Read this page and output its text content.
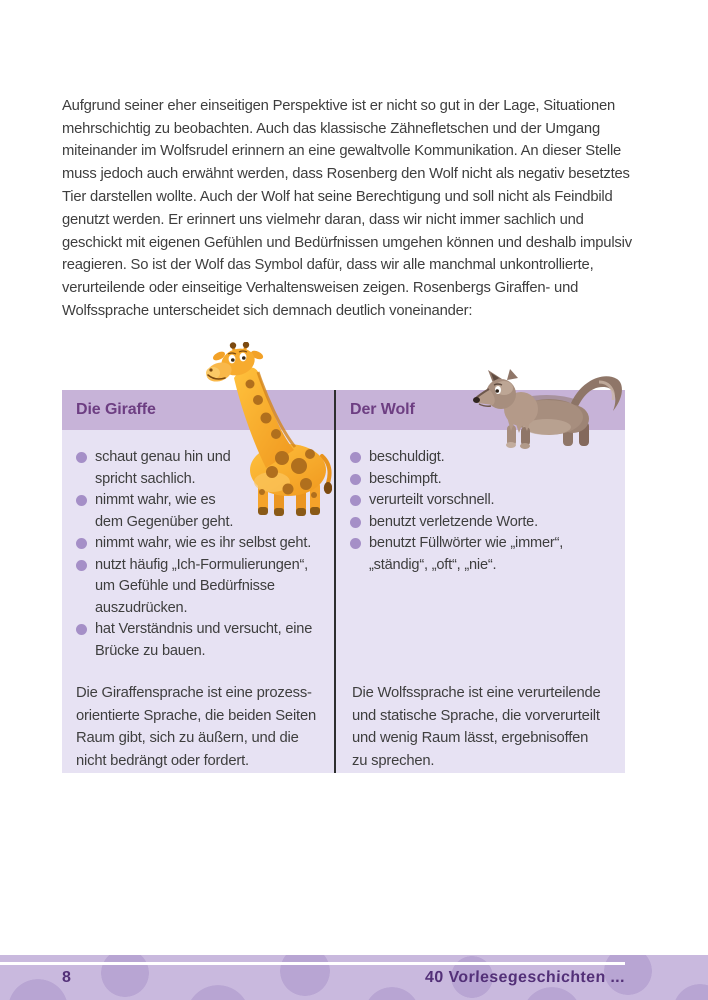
Aufgrund seiner eher einseitigen Perspektive ist er nicht so gut in der Lage, Situationen mehrschichtig zu beobachten. Auch das klassische Zähnefletschen und der Umgang miteinander im Wolfsrudel erinnern an eine gewaltvolle Kommunikation. An dieser Stelle muss jedoch auch erwähnt werden, dass Rosenberg den Wolf nicht als negativ besetztes Tier darstellen wollte. Auch der Wolf hat seine Berechtigung und soll nicht als Feindbild genutzt werden. Er erinnert uns vielmehr daran, dass wir nicht immer sachlich und geschickt mit eigenen Gefühlen und Bedürfnissen umgehen können und deshalb impulsiv reagieren. So ist der Wolf das Symbol dafür, dass wir alle manchmal unkontrollierte, verurteilende oder einseitige Verhaltensweisen zeigen. Rosenbergs Giraffen- und Wolfssprache unterscheidet sich demnach deutlich voneinander:

Die Giraffe	Der Wolf
schaut genau hin und spricht sachlich.
nimmt wahr, wie es dem Gegenüber geht.
nimmt wahr, wie es ihr selbst geht.
nutzt häufig „Ich-Formulierungen“, um Gefühle und Bedürfnisse auszudrücken.
hat Verständnis und versucht, eine Brücke zu bauen.
beschuldigt.
beschimpft.
verurteilt vorschnell.
benutzt verletzende Worte.
benutzt Füllwörter wie „immer“, „ständig“, „oft“, „nie“.

Die Giraffensprache ist eine prozessorientierte Sprache, die beiden Seiten Raum gibt, sich zu äußern, und die nicht bedrängt oder fordert.

Die Wolfssprache ist eine verurteilende und statische Sprache, die vorverurteilt und wenig Raum lässt, ergebnisoffen zu sprechen.

8	40 Vorlesegeschichten ...
